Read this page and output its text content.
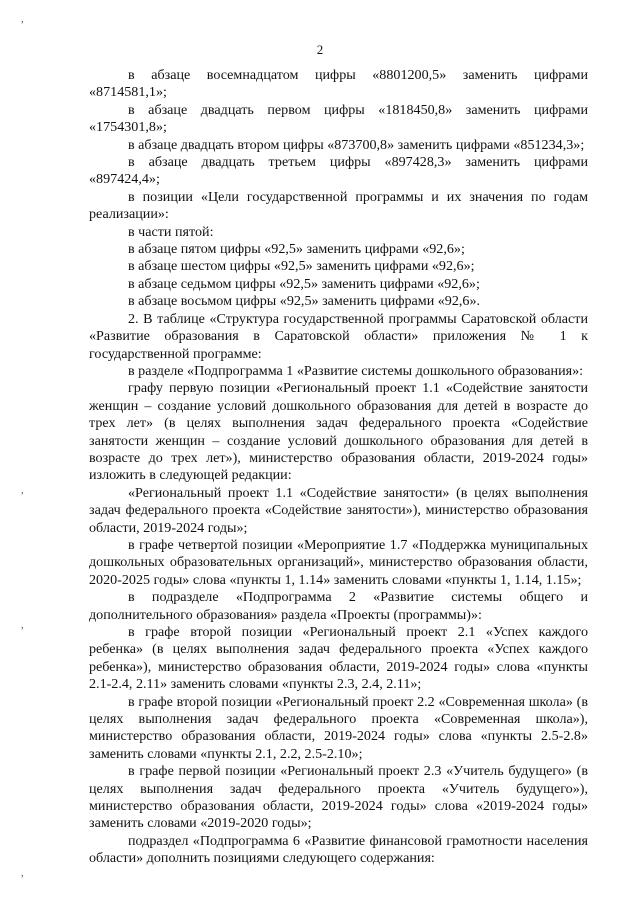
2
,
,
,
,

в абзаце восемнадцатом цифры «8801200,5» заменить цифрами «8714581,1»;

в абзаце двадцать первом цифры «1818450,8» заменить цифрами «1754301,8»;

в абзаце двадцать втором цифры «873700,8» заменить цифрами «851234,3»;

в абзаце двадцать третьем цифры «897428,3» заменить цифрами «897424,4»;

в позиции «Цели государственной программы и их значения по годам реализации»:

в части пятой:

в абзаце пятом цифры «92,5» заменить цифрами «92,6»;

в абзаце шестом цифры «92,5» заменить цифрами «92,6»;

в абзаце седьмом цифры «92,5» заменить цифрами «92,6»;

в абзаце восьмом цифры «92,5» заменить цифрами «92,6».

2. В таблице «Структура государственной программы Саратовской области «Развитие образования в Саратовской области» приложения № 1 к государственной программе:

в разделе «Подпрограмма 1 «Развитие системы дошкольного образования»:

графу первую позиции «Региональный проект 1.1 «Содействие занятости женщин – создание условий дошкольного образования для детей в возрасте до трех лет» (в целях выполнения задач федерального проекта «Содействие занятости женщин – создание условий дошкольного образования для детей в возрасте до трех лет»), министерство образования области, 2019-2024 годы» изложить в следующей редакции:

«Региональный проект 1.1 «Содействие занятости» (в целях выполнения задач федерального проекта «Содействие занятости»), министерство образования области, 2019-2024 годы»;

в графе четвертой позиции «Мероприятие 1.7 «Поддержка муниципальных дошкольных образовательных организаций», министерство образования области, 2020-2025 годы» слова «пункты 1, 1.14» заменить словами «пункты 1, 1.14, 1.15»;

в подразделе «Подпрограмма 2 «Развитие системы общего и дополнительного образования» раздела «Проекты (программы)»:

в графе второй позиции «Региональный проект 2.1 «Успех каждого ребенка» (в целях выполнения задач федерального проекта «Успех каждого ребенка»), министерство образования области, 2019-2024 годы» слова «пункты 2.1-2.4, 2.11» заменить словами «пункты 2.3, 2.4, 2.11»;

в графе второй позиции «Региональный проект 2.2 «Современная школа» (в целях выполнения задач федерального проекта «Современная школа»), министерство образования области, 2019-2024 годы» слова «пункты 2.5-2.8» заменить словами «пункты 2.1, 2.2, 2.5-2.10»;

в графе первой позиции «Региональный проект 2.3 «Учитель будущего» (в целях выполнения задач федерального проекта «Учитель будущего»), министерство образования области, 2019-2024 годы» слова «2019-2024 годы» заменить словами «2019-2020 годы»;

подраздел «Подпрограмма 6 «Развитие финансовой грамотности населения области» дополнить позициями следующего содержания:
